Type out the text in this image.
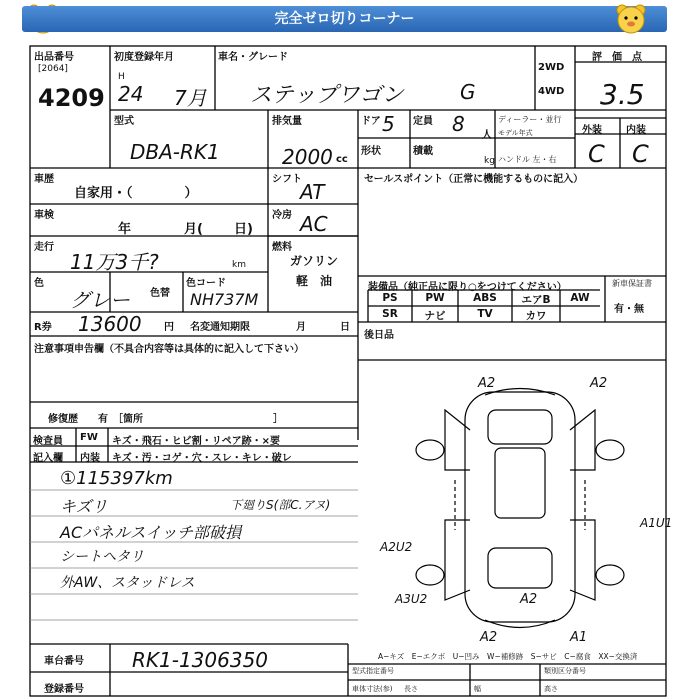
完全ゼロ切りコーナー
出品番号
[2064]
4209
初度登録年月
H
24 7月
車名・グレード
ステップワゴン	G
2WD
4WD
評　価　点
3.5
型式
DBA-RK1
排気量
2000 cc
ドア 5 定員 8 人
形状	積載
kg
ディーラー・並行
モデル年式
ハンドル 左・右
外装 内装
C C
車歴
自家用・（　　　　）
シフト
AT
車検
年	月( 日)
冷房 AC
走行
11万3千?	km
燃料
ガソリン
軽　油
色
グレー 色替
色コード
NH737M
R券 13600 円 名変通知期限	月	日
注意事項申告欄（不具合内容等は具体的に記入して下さい）
修復歴　　有　［箇所　　　　　　　　　　　　　］
セールスポイント（正常に機能するものに記入）
装備品（純正品に限り○をつけてください）	新車保証書
有・無
後日品
PS	PW	ABS	エアB	AW
SR	ナビ	TV	カワ
検査員 FW キズ・飛石・ヒビ割・リペア跡・×要
記入欄 内装 キズ・汚・コゲ・穴・スレ・キレ・破レ
①115397km
キズリ
ACパネルスイッチ部破損
シートヘタリ
外AW、スタッドレス
下廻りS(部C.アヌ)
A2	A2
A1U1
A2U2
A3U2	A2
A2	A1
A−キズ　E−エクボ　U−凹み　W−補修跡　S−サビ　C−腐食　XX−交換済
車台番号 RK1-1306350
登録番号
型式指定番号	類別区分番号
車体寸法(参) 長さ	幅	高さ
